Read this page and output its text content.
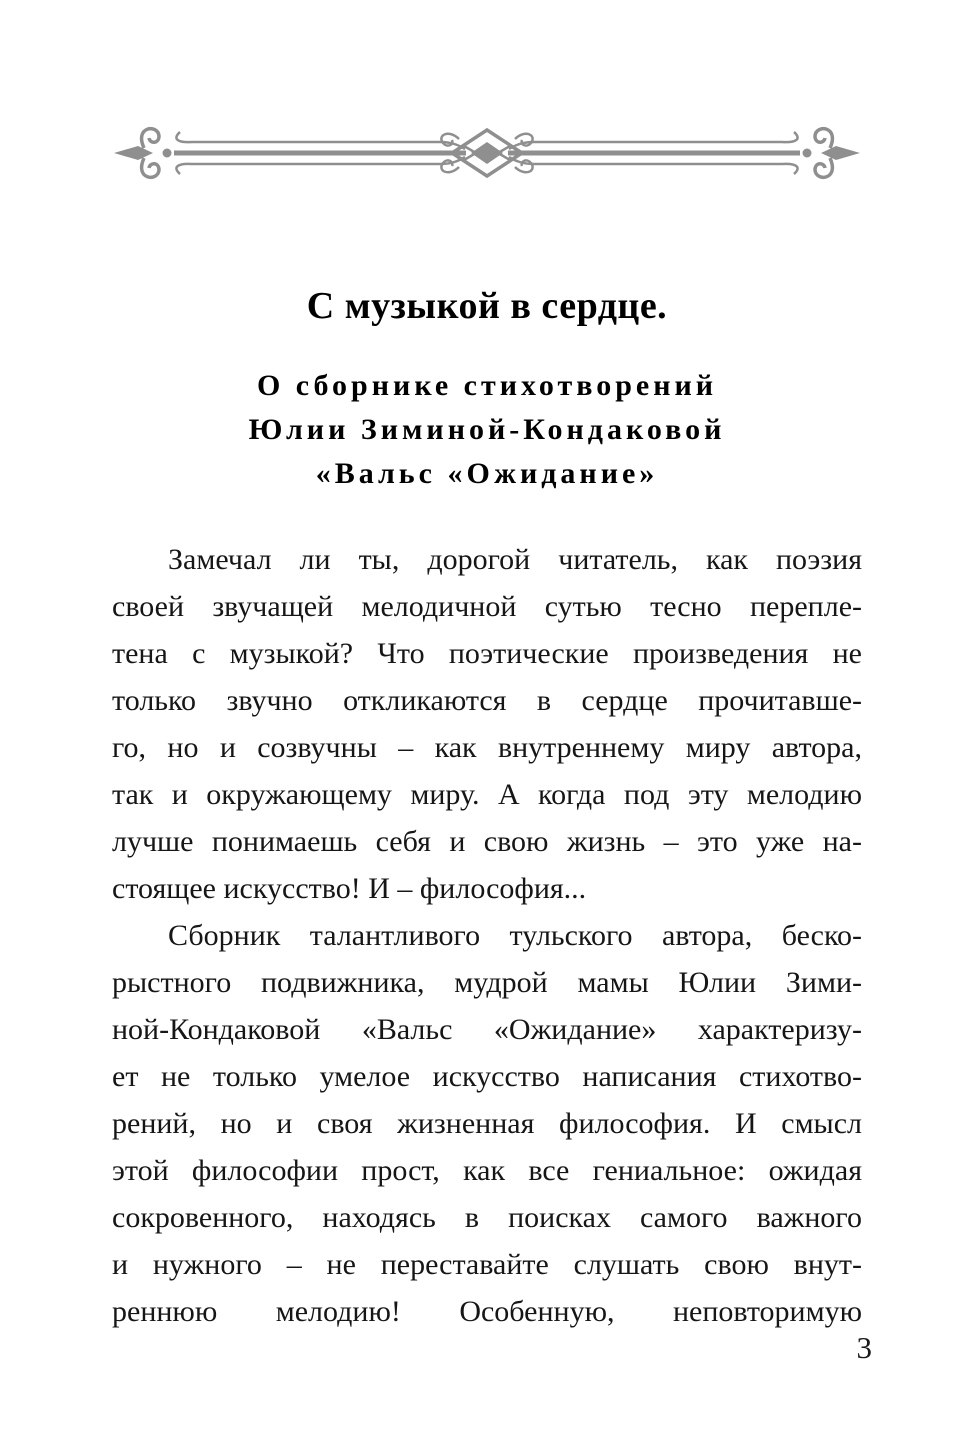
С музыкой в сердце.
О сборнике стихотворений
Юлии Зиминой-Кондаковой
«Вальс «Ожидание»
Замечал ли ты, дорогой читатель, как поэзия
своей звучащей мелодичной сутью тесно перепле-
тена с музыкой? Что поэтические произведения не
только звучно откликаются в сердце прочитавше-
го, но и созвучны – как внутреннему миру автора,
так и окружающему миру. А когда под эту мелодию
лучше понимаешь себя и свою жизнь – это уже на-
стоящее искусство! И – философия...
Сборник талантливого тульского автора, беско-
рыстного подвижника, мудрой мамы Юлии Зими-
ной-Кондаковой «Вальс «Ожидание» характеризу-
ет не только умелое искусство написания стихотво-
рений, но и своя жизненная философия. И смысл
этой философии прост, как все гениальное: ожидая
сокровенного, находясь в поисках самого важного
и нужного – не переставайте слушать свою внут-
реннюю мелодию! Особенную, неповторимую
3
